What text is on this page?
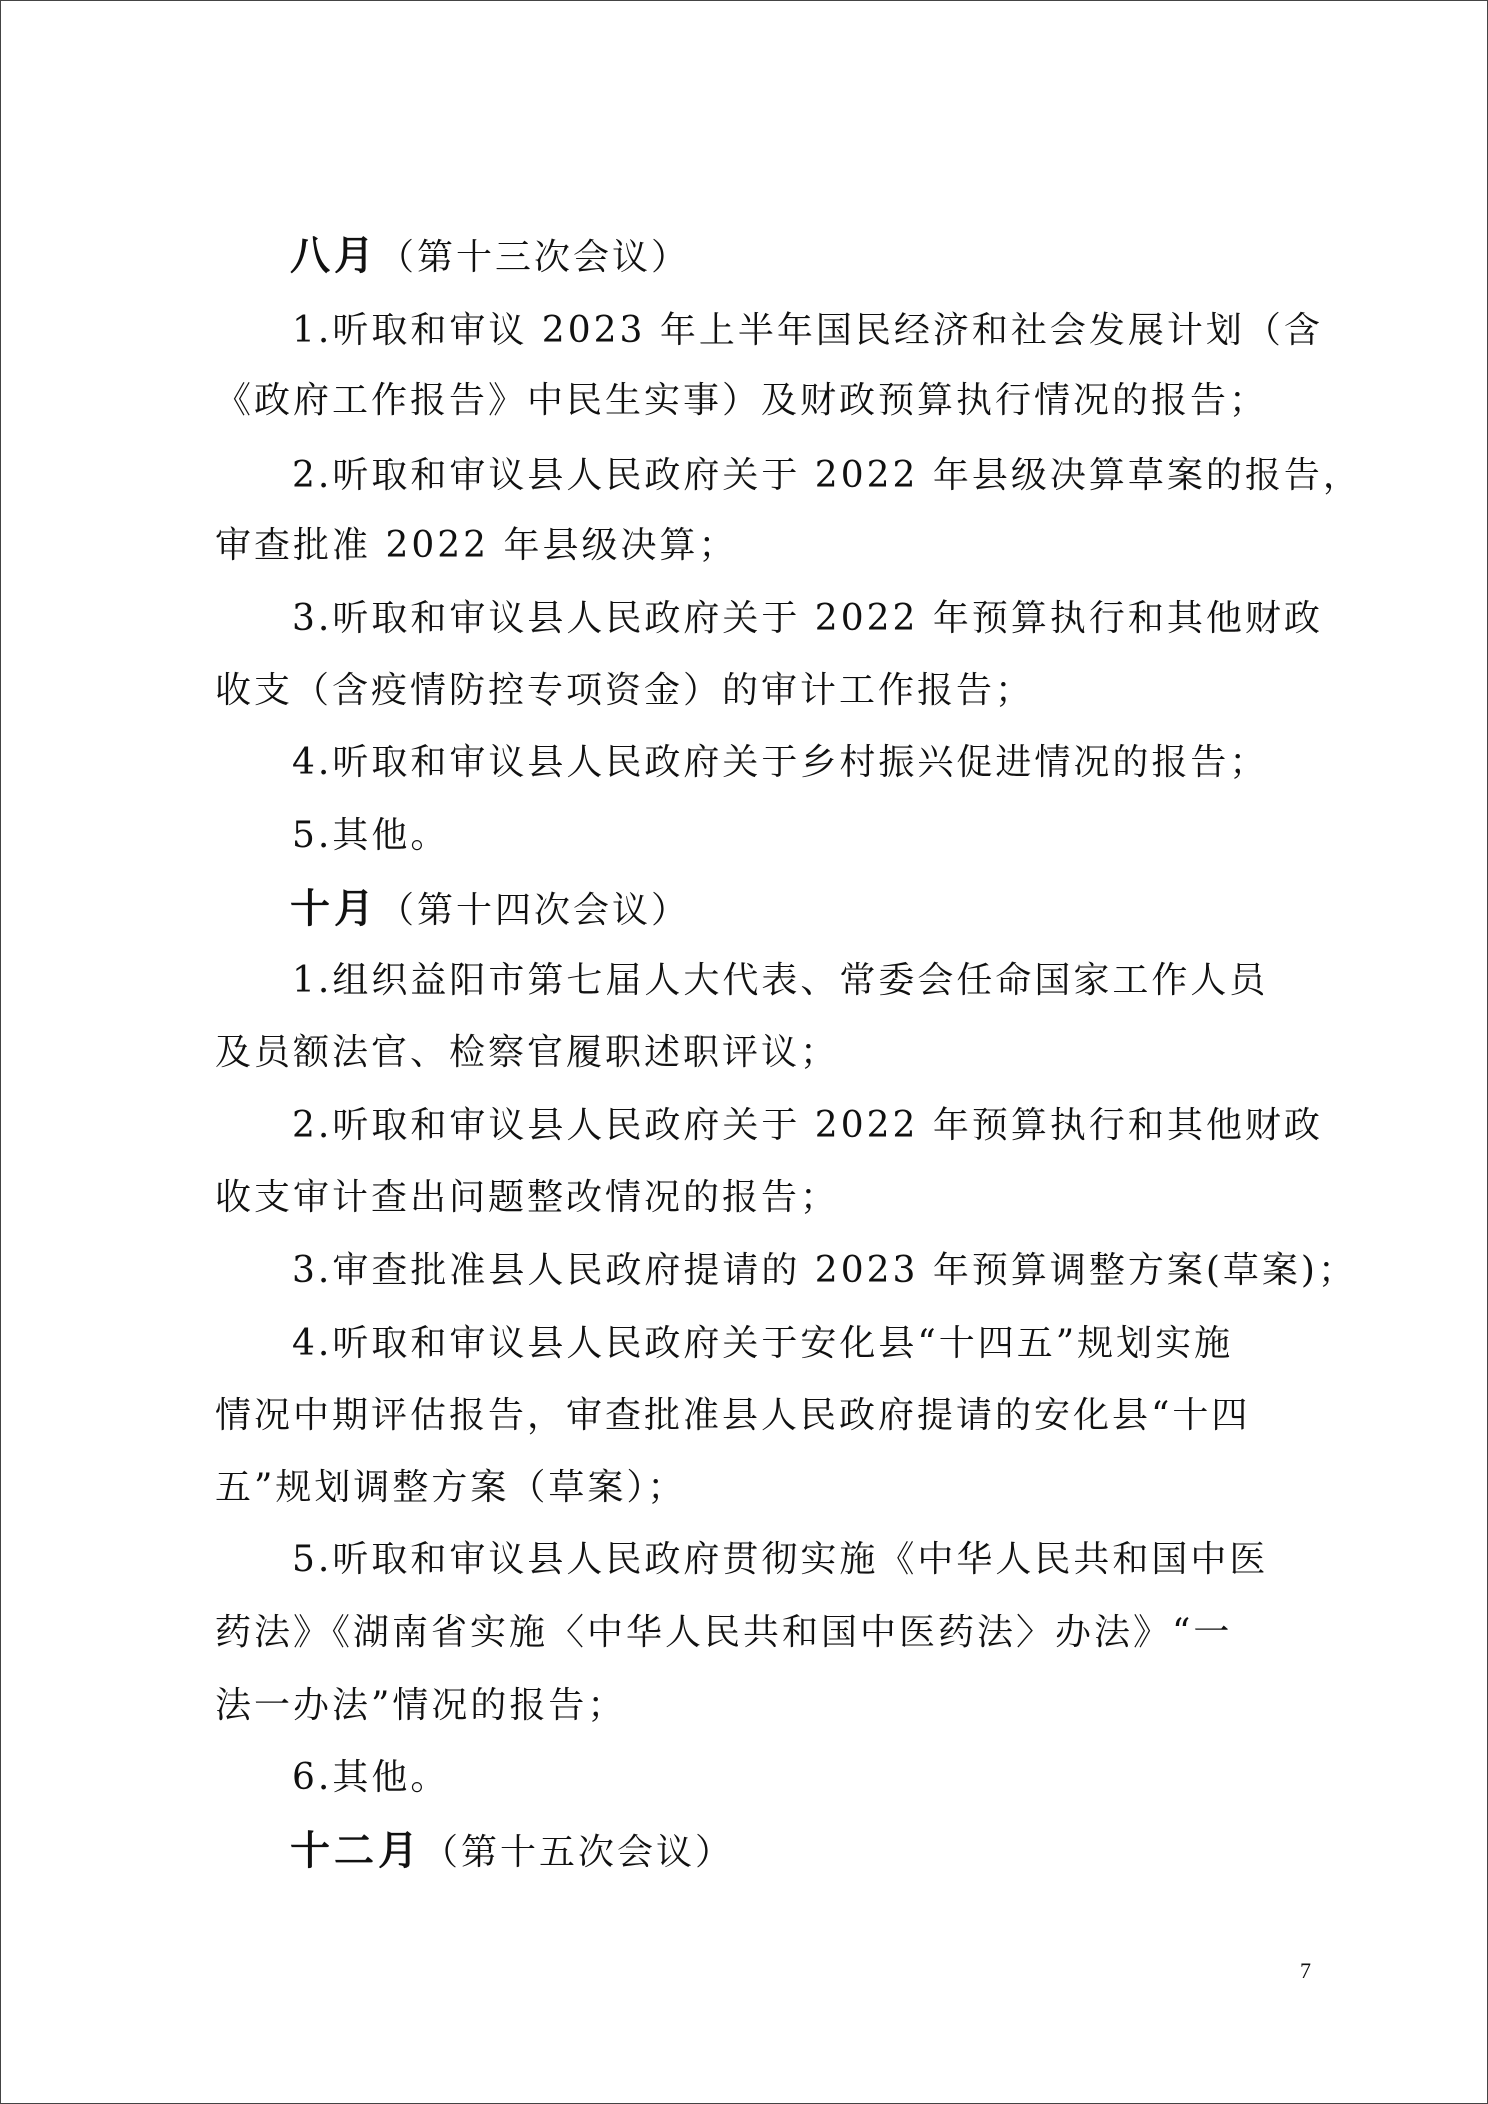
八月（第十三次会议）
1.听取和审议 2023 年上半年国民经济和社会发展计划（含
《政府工作报告》中民生实事）及财政预算执行情况的报告；
2.听取和审议县人民政府关于 2022 年县级决算草案的报告，
审查批准 2022 年县级决算；
3.听取和审议县人民政府关于 2022 年预算执行和其他财政
收支（含疫情防控专项资金）的审计工作报告；
4.听取和审议县人民政府关于乡村振兴促进情况的报告；
5.其他。
十月（第十四次会议）
1.组织益阳市第七届人大代表、常委会任命国家工作人员
及员额法官、检察官履职述职评议；
2.听取和审议县人民政府关于 2022 年预算执行和其他财政
收支审计查出问题整改情况的报告；
3.审查批准县人民政府提请的 2023 年预算调整方案(草案)；
4.听取和审议县人民政府关于安化县“十四五”规划实施
情况中期评估报告，审查批准县人民政府提请的安化县“十四
五”规划调整方案（草案）；
5.听取和审议县人民政府贯彻实施《中华人民共和国中医
药法》《湖南省实施〈中华人民共和国中医药法〉办法》“一
法一办法”情况的报告；
6.其他。
十二月（第十五次会议）
7
